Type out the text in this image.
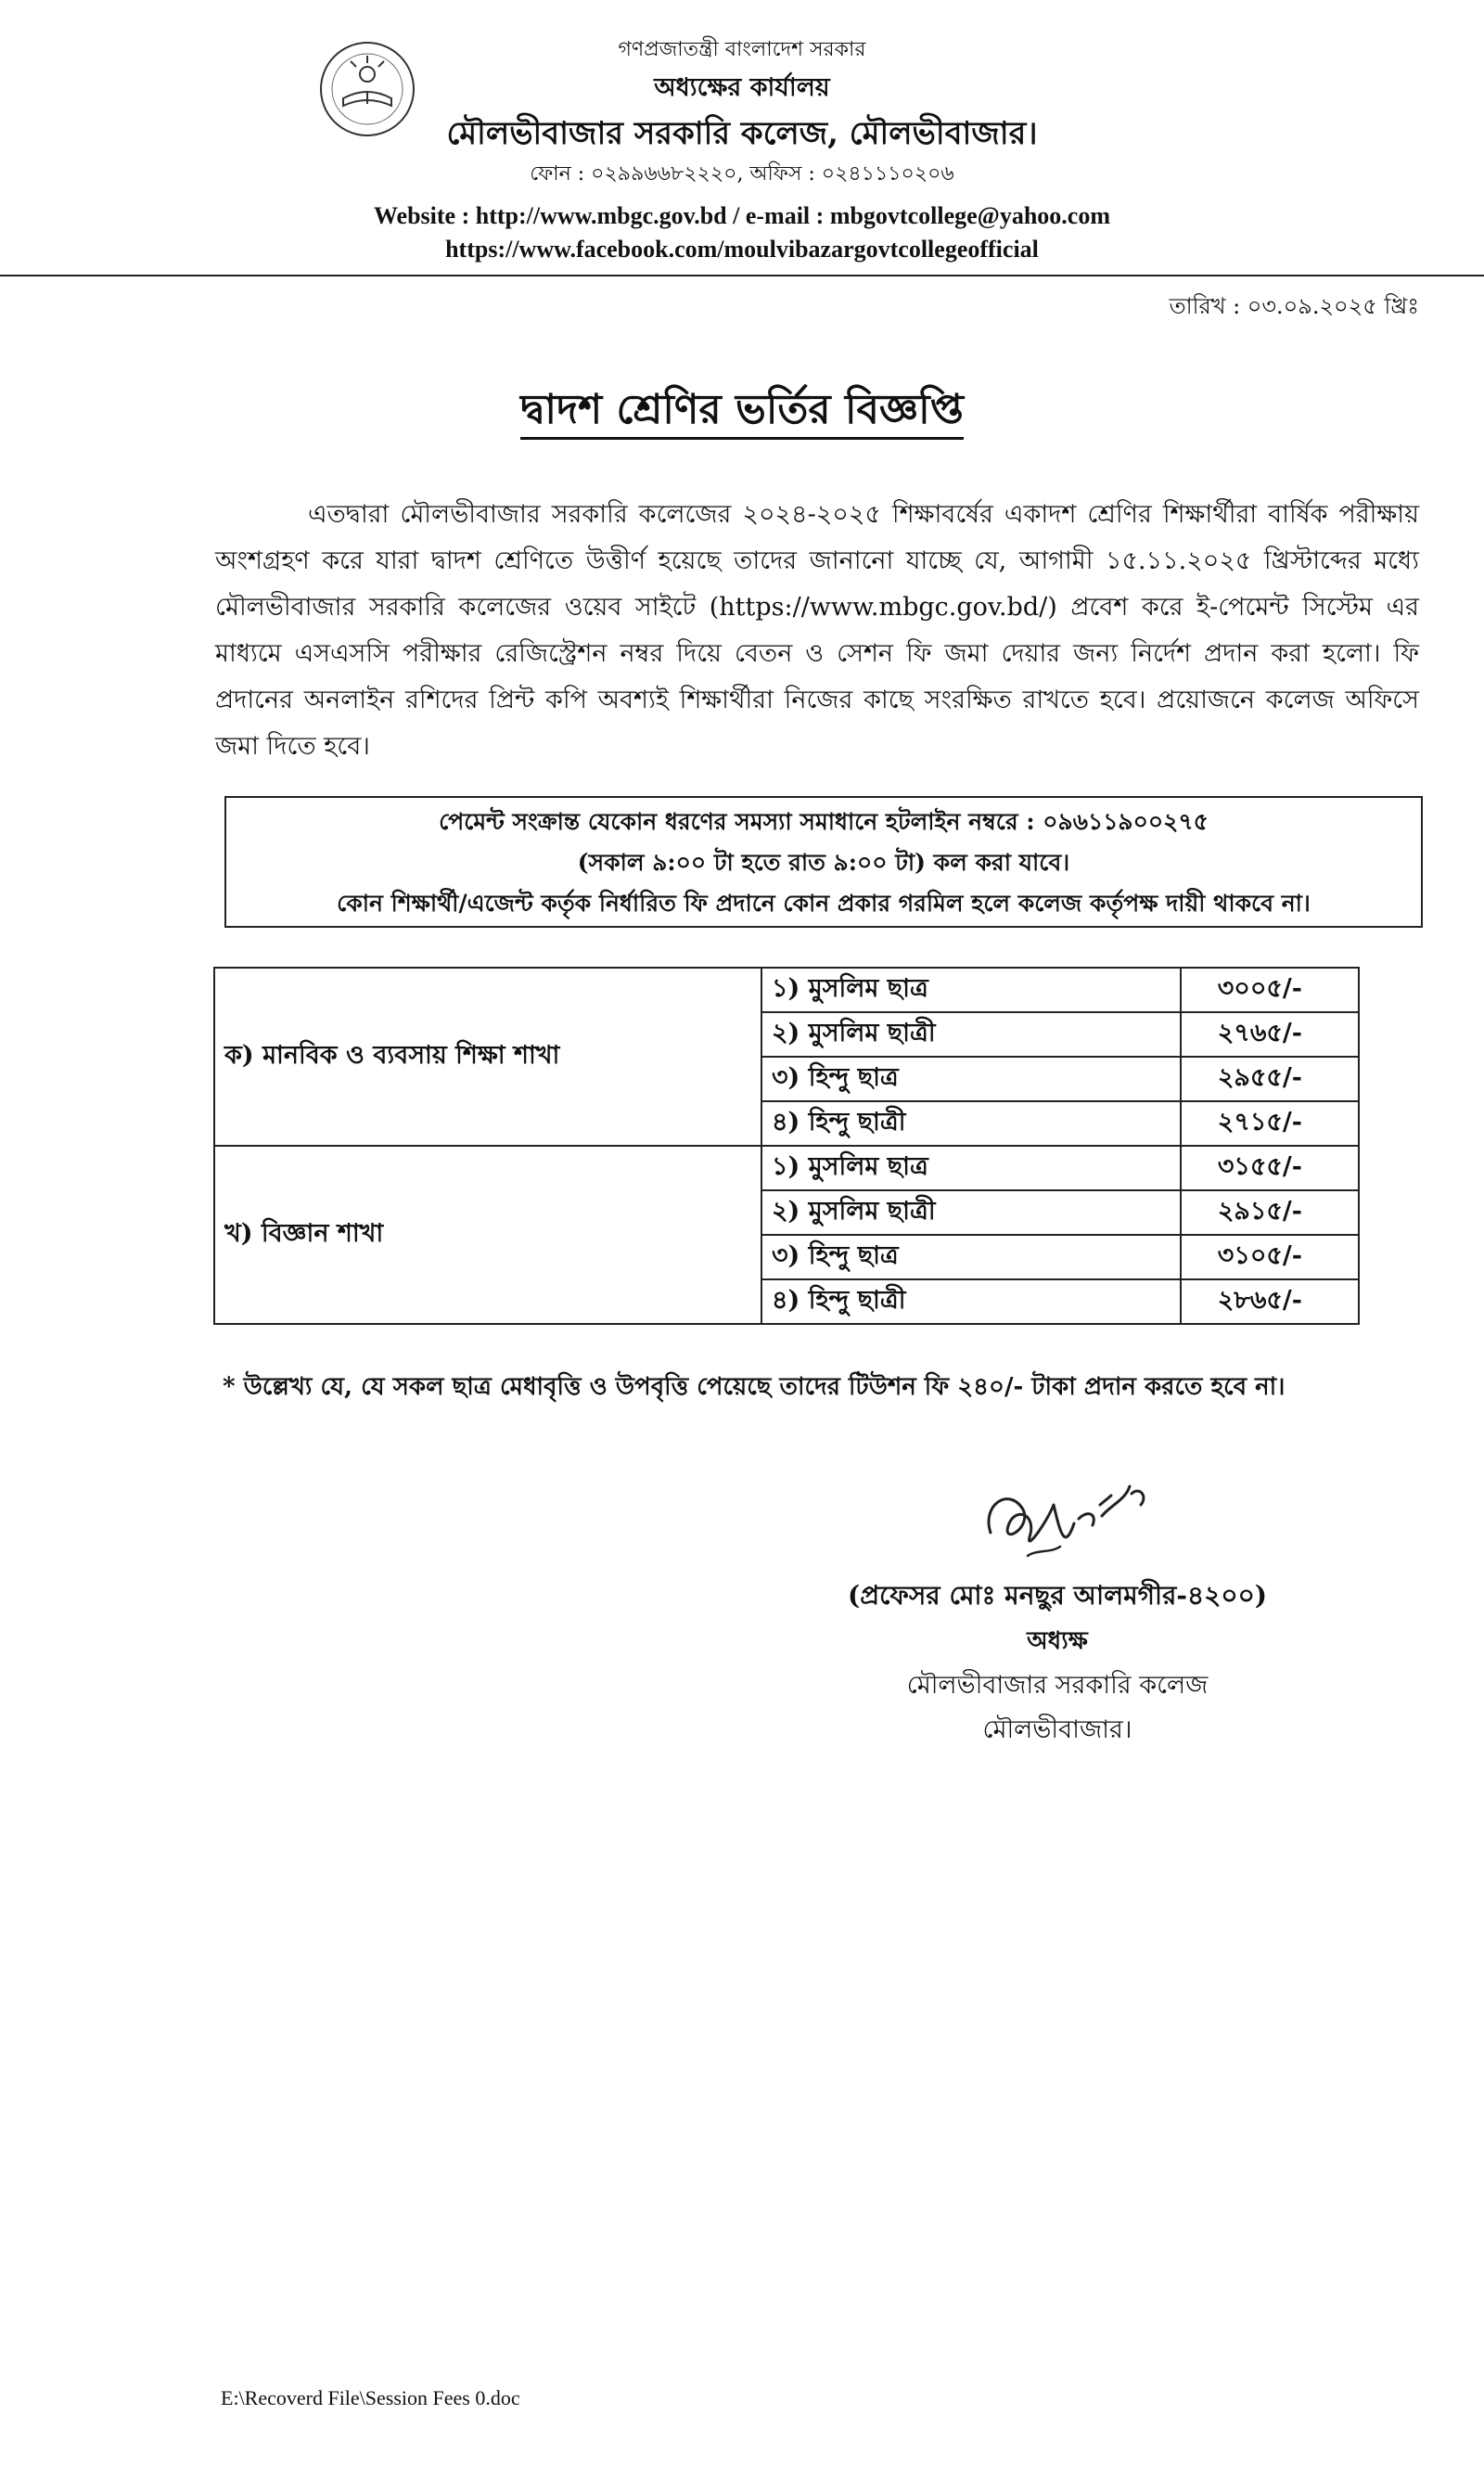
গণপ্রজাতন্ত্রী বাংলাদেশ সরকার
অধ্যক্ষের কার্যালয়
মৌলভীবাজার সরকারি কলেজ, মৌলভীবাজার।
ফোন : ০২৯৯৬৬৮২২২০, অফিস : ০২৪১১১০২০৬
Website : http://www.mbgc.gov.bd / e-mail : mbgovtcollege@yahoo.com
https://www.facebook.com/moulvibazargovtcollegeofficial
তারিখ : ০৩.০৯.২০২৫ খ্রিঃ
দ্বাদশ শ্রেণির ভর্তির বিজ্ঞপ্তি
এতদ্বারা মৌলভীবাজার সরকারি কলেজের ২০২৪-২০২৫ শিক্ষাবর্ষের একাদশ শ্রেণির শিক্ষার্থীরা বার্ষিক পরীক্ষায় অংশগ্রহণ করে যারা দ্বাদশ শ্রেণিতে উত্তীর্ণ হয়েছে তাদের জানানো যাচ্ছে যে, আগামী ১৫.১১.২০২৫ খ্রিস্টাব্দের মধ্যে মৌলভীবাজার সরকারি কলেজের ওয়েব সাইটে (https://www.mbgc.gov.bd/) প্রবেশ করে ই-পেমেন্ট সিস্টেম এর মাধ্যমে এসএসসি পরীক্ষার রেজিস্ট্রেশন নম্বর দিয়ে বেতন ও সেশন ফি জমা দেয়ার জন্য নির্দেশ প্রদান করা হলো। ফি প্রদানের অনলাইন রশিদের প্রিন্ট কপি অবশ্যই শিক্ষার্থীরা নিজের কাছে সংরক্ষিত রাখতে হবে। প্রয়োজনে কলেজ অফিসে জমা দিতে হবে।
পেমেন্ট সংক্রান্ত যেকোন ধরণের সমস্যা সমাধানে হটলাইন নম্বরে : ০৯৬১১৯০০২৭৫
(সকাল ৯:০০ টা হতে রাত ৯:০০ টা) কল করা যাবে।
কোন শিক্ষার্থী/এজেন্ট কর্তৃক নির্ধারিত ফি প্রদানে কোন প্রকার গরমিল হলে কলেজ কর্তৃপক্ষ দায়ী থাকবে না।
ক) মানবিক ও ব্যবসায় শিক্ষা শাখা	১) মুসলিম ছাত্র	৩০০৫/-
	২) মুসলিম ছাত্রী	২৭৬৫/-
	৩) হিন্দু ছাত্র	২৯৫৫/-
	৪) হিন্দু ছাত্রী	২৭১৫/-
খ) বিজ্ঞান শাখা	১) মুসলিম ছাত্র	৩১৫৫/-
	২) মুসলিম ছাত্রী	২৯১৫/-
	৩) হিন্দু ছাত্র	৩১০৫/-
	৪) হিন্দু ছাত্রী	২৮৬৫/-
* উল্লেখ্য যে, যে সকল ছাত্র মেধাবৃত্তি ও উপবৃত্তি পেয়েছে তাদের টিউশন ফি ২৪০/- টাকা প্রদান করতে হবে না।
(প্রফেসর মোঃ মনছুর আলমগীর-৪২০০)
অধ্যক্ষ
মৌলভীবাজার সরকারি কলেজ
মৌলভীবাজার।
E:\Recoverd File\Session Fees 0.doc
